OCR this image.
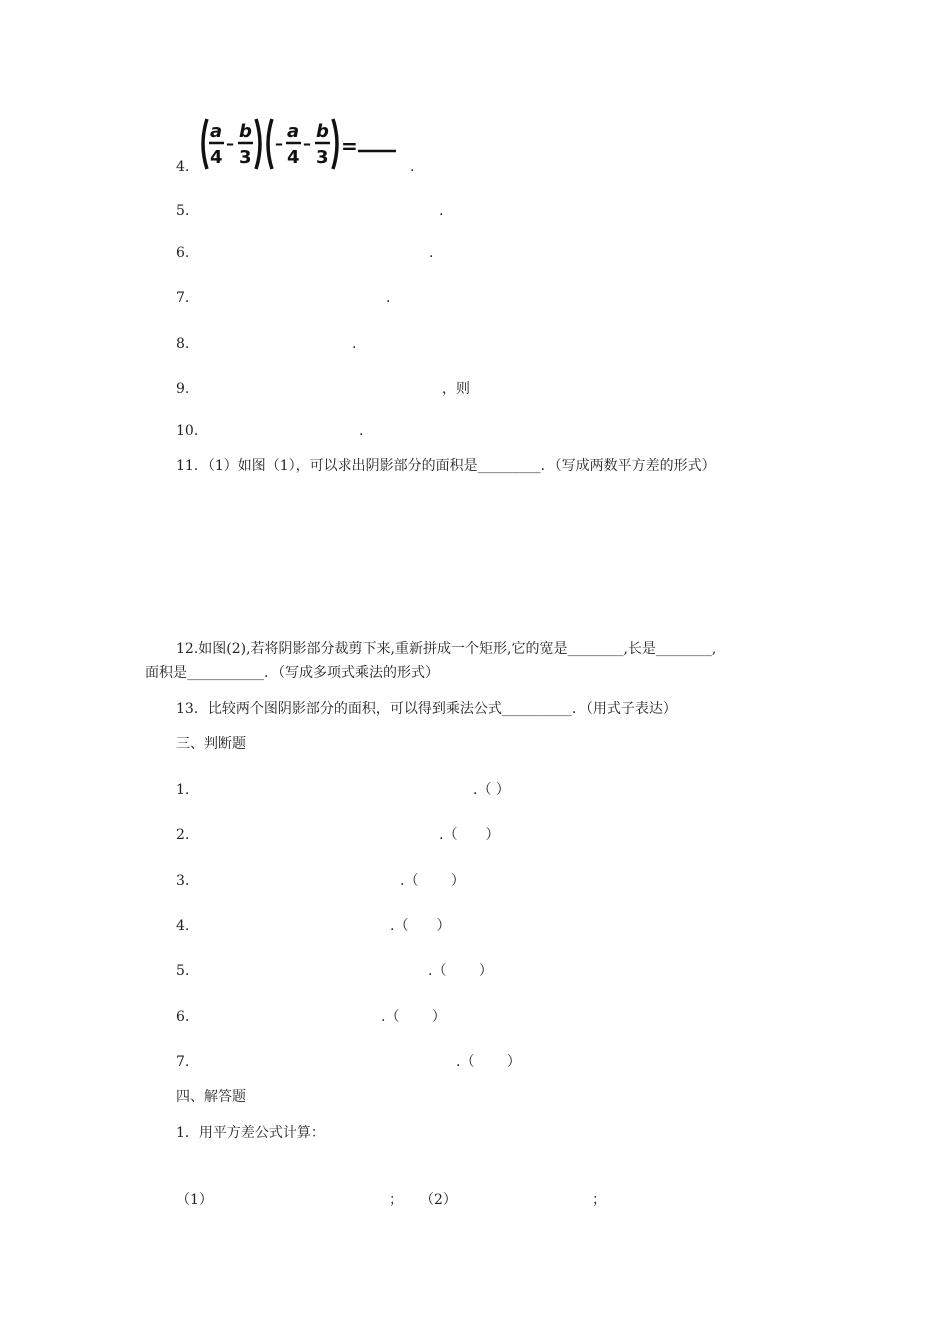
4.
a
4
–
b
3
–
a
4
–
b
3 =
.
5.	.
6.	.
7.	.
8.	.
9.	，则
10.	.
11．（1）如图（1），可以求出阴影部分的面积是_________．（写成两数平方差的形式）
12.如图(2),若将阴影部分裁剪下来,重新拼成一个矩形,它的宽是________,长是________,
面积是___________．（写成多项式乘法的形式）
13．比较两个图阴影部分的面积，可以得到乘法公式__________．（用式子表达）
三、判断题
1.	.（ ）
2.	.（　　）
3.	.（　　 ）
4.	.（　　）
5.	.（　　 ）
6.	.（　　 ）
7.	.（　　 ）
四、解答题
1．用平方差公式计算：
（1）	； （2）	；
